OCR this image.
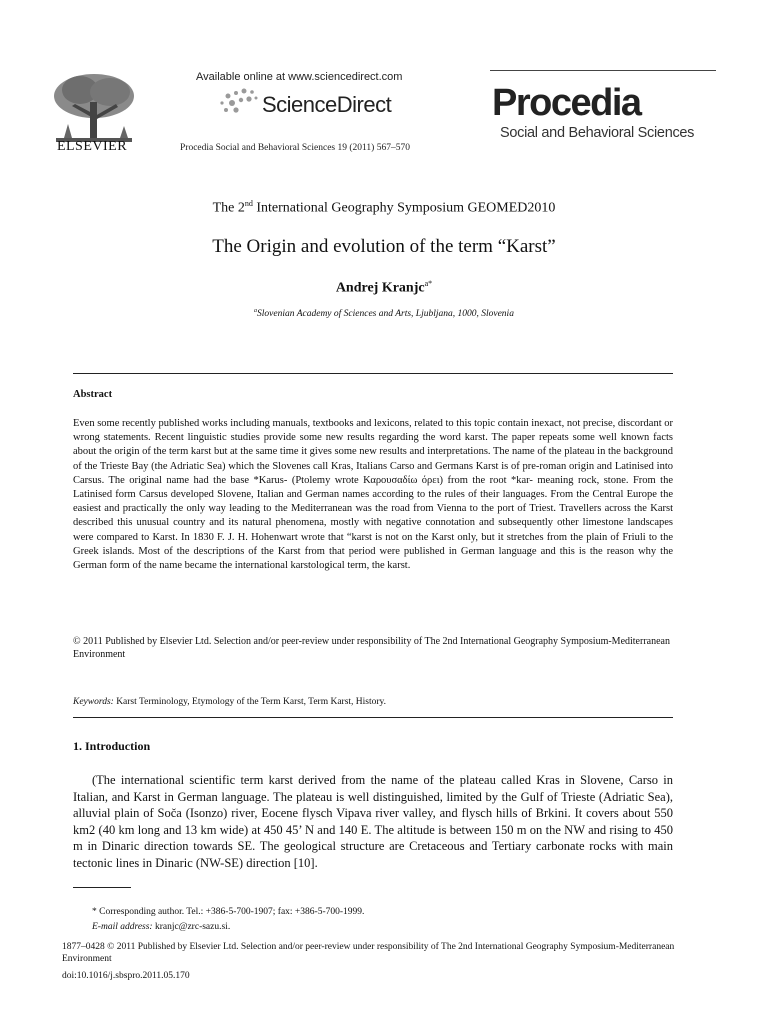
ELSEVIER
Available online at www.sciencedirect.com
ScienceDirect
Procedia Social and Behavioral Sciences 19 (2011) 567–570
Procedia
Social and Behavioral Sciences
The 2nd International Geography Symposium GEOMED2010
The Origin and evolution of the term “Karst”
Andrej Kranjc$^{a*}$
$^a$Slovenian Academy of Sciences and Arts, Ljubljana, 1000, Slovenia
Abstract
Even some recently published works including manuals, textbooks and lexicons, related to this topic contain inexact, not precise, discordant or wrong statements. Recent linguistic studies provide some new results regarding the word karst. The paper repeats some well known facts about the origin of the term karst but at the same time it gives some new results and interpretations. The name of the plateau in the background of the Trieste Bay (the Adriatic Sea) which the Slovenes call Kras, Italians Carso and Germans Karst is of pre-roman origin and Latinised into Carsus. The original name had the base *Karus- (Ptolemy wrote Καρουσαδίω όρει) from the root *kar- meaning rock, stone. From the Latinised form Carsus developed Slovene, Italian and German names according to the rules of their languages. From the Central Europe the easiest and practically the only way leading to the Mediterranean was the road from Vienna to the port of Triest. Travellers across the Karst described this unusual country and its natural phenomena, mostly with negative connotation and subsequently other limestone landscapes were compared to Karst. In 1830 F. J. H. Hohenwart wrote that “karst is not on the Karst only, but it stretches from the plain of Friuli to the Greek islands. Most of the descriptions of the Karst from that period were published in German language and this is the reason why the German form of the name became the international karstological term, the karst.
© 2011 Published by Elsevier Ltd. Selection and/or peer-review under responsibility of The 2nd International Geography Symposium-Mediterranean Environment
Keywords: Karst Terminology, Etymology of the Term Karst, Term Karst, History.
1. Introduction
(The international scientific term karst derived from the name of the plateau called Kras in Slovene, Carso in Italian, and Karst in German language. The plateau is well distinguished, limited by the Gulf of Trieste (Adriatic Sea), alluvial plain of Soča (Isonzo) river, Eocene flysch Vipava river valley, and flysch hills of Brkini. It covers about 550 km2 (40 km long and 13 km wide) at 450 45’ N and 140 E. The altitude is between 150 m on the NW and rising to 450 m in Dinaric direction towards SE. The geological structure are Cretaceous and Tertiary carbonate rocks with main tectonic lines in Dinaric (NW-SE) direction [10].
* Corresponding author. Tel.: +386-5-700-1907; fax: +386-5-700-1999.
E-mail address: kranjc@zrc-sazu.si.
1877–0428 © 2011 Published by Elsevier Ltd. Selection and/or peer-review under responsibility of The 2nd International Geography Symposium-Mediterranean Environment
doi:10.1016/j.sbspro.2011.05.170
